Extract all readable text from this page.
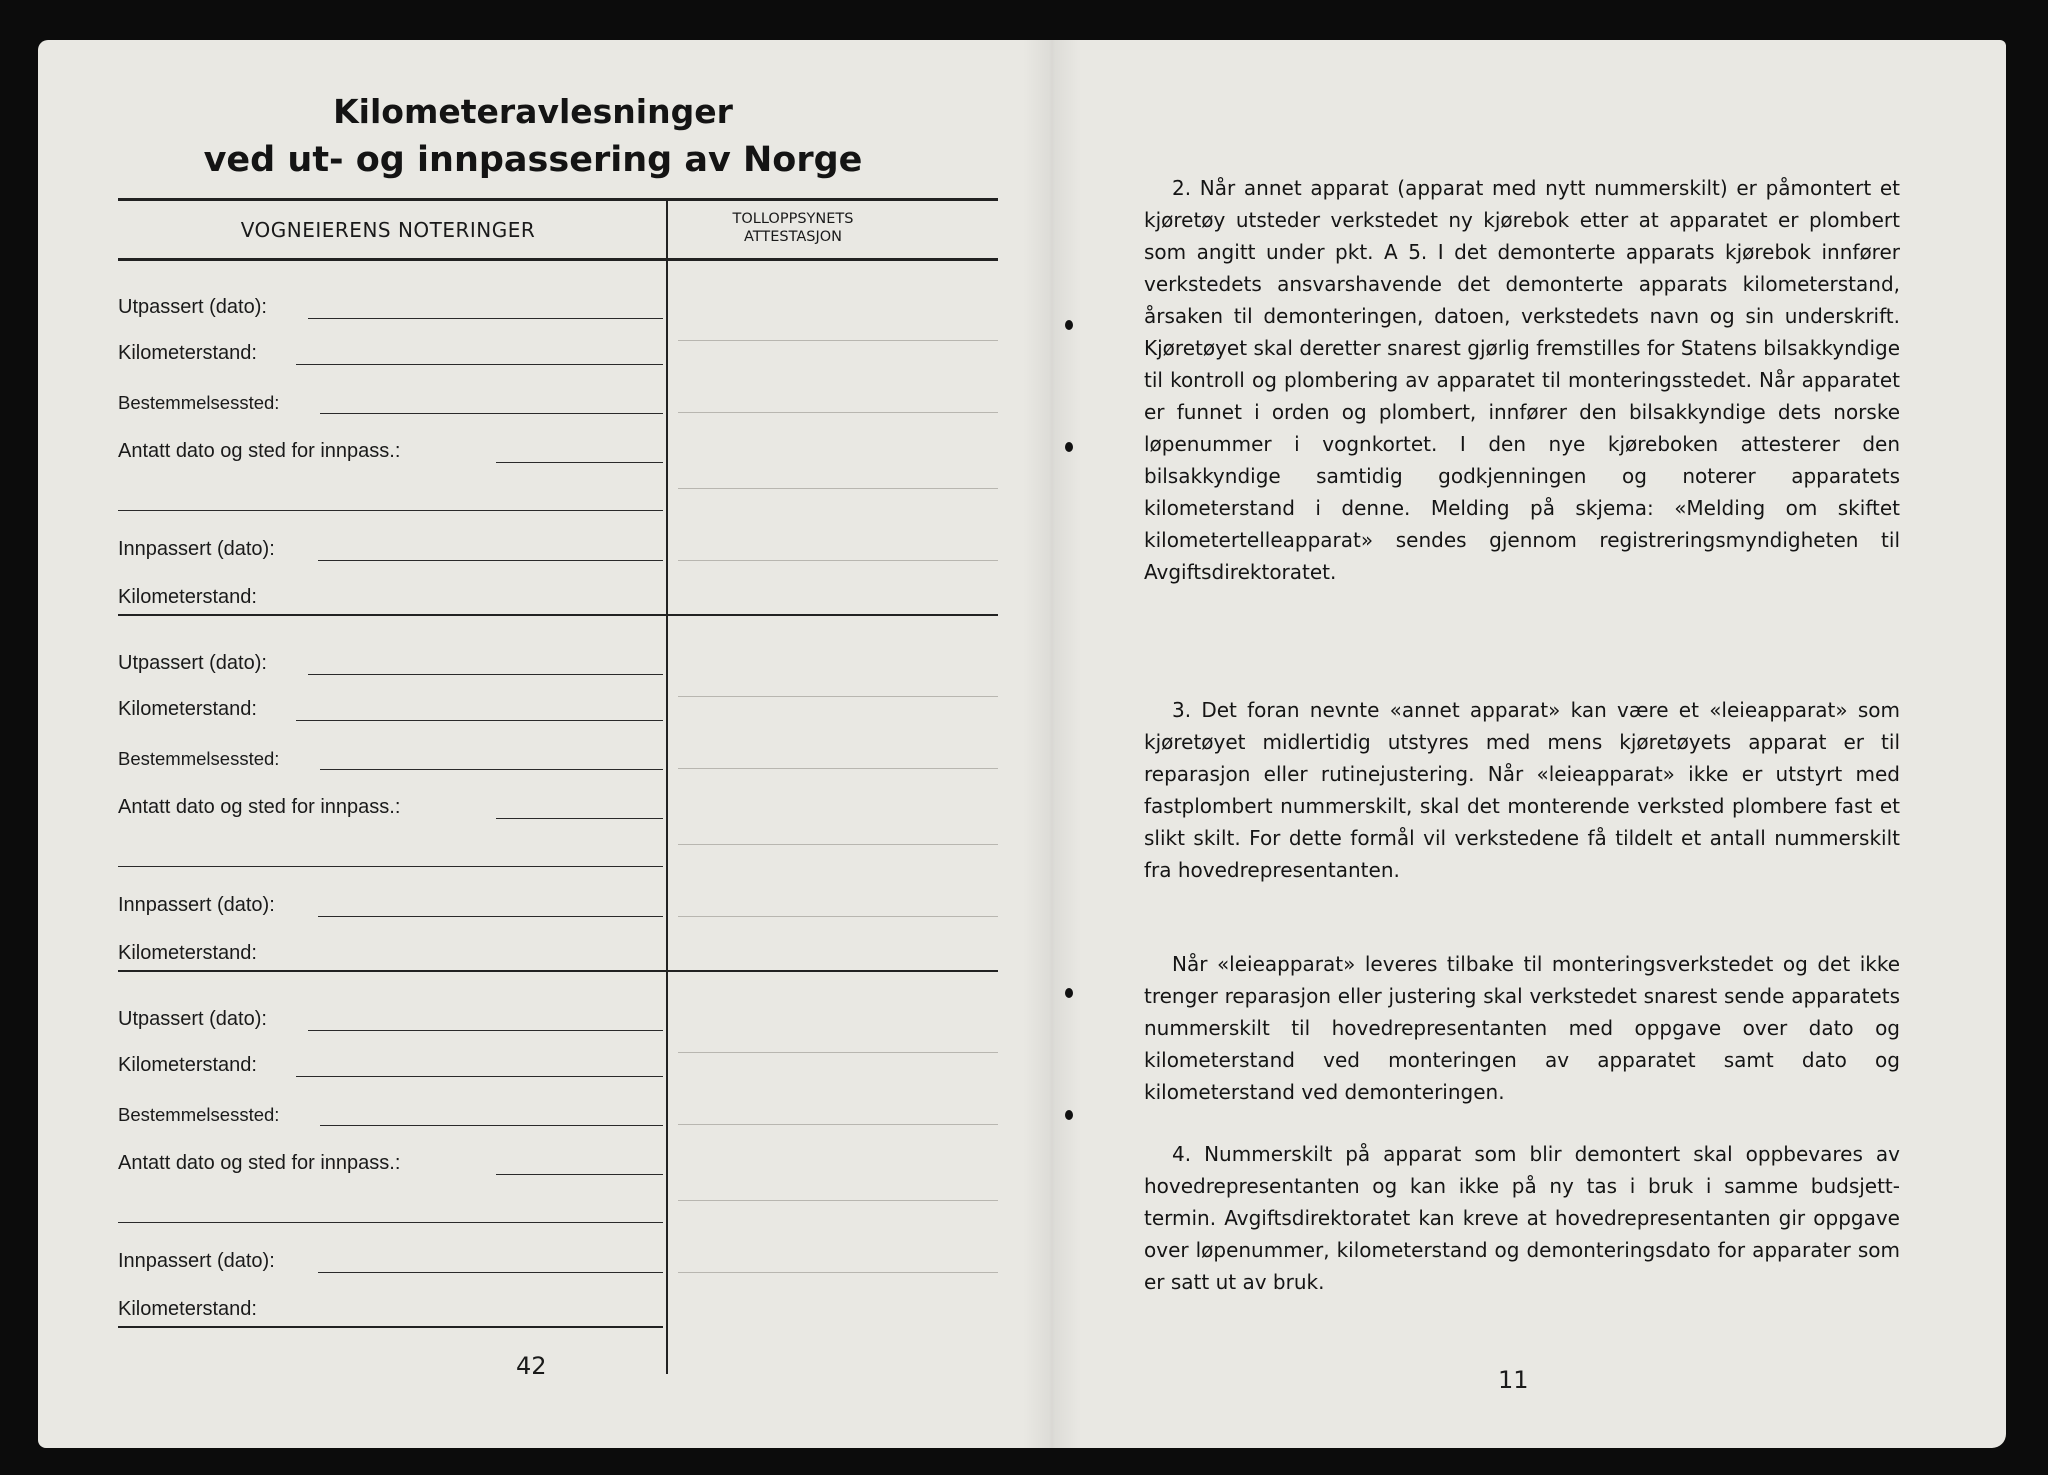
Kilometeravlesninger
ved ut- og innpassering av Norge
VOGNEIERENS NOTERINGER	TOLLOPPSYNETS
ATTESTASJON
Utpassert (dato):
Kilometerstand:
Bestemmelsessted:
Antatt dato og sted for innpass.:
Innpassert (dato):
Kilometerstand:
Utpassert (dato):
Kilometerstand:
Bestemmelsessted:
Antatt dato og sted for innpass.:
Innpassert (dato):
Kilometerstand:
Utpassert (dato):
Kilometerstand:
Bestemmelsessted:
Antatt dato og sted for innpass.:
Innpassert (dato):
Kilometerstand:
42

2. Når annet apparat (apparat med nytt nummerskilt) er påmontert et kjøretøy utsteder verkstedet ny kjørebok etter at apparatet er plombert som angitt under pkt. A 5. I det demonterte apparats kjørebok innfører verkstedets ansvarshavende det demonterte apparats kilometerstand, årsaken til demonteringen, datoen, verkstedets navn og sin underskrift. Kjøretøyet skal deretter snarest gjørlig fremstilles for Statens bilsakkyndige til kontroll og plombering av apparatet til monteringsstedet. Når apparatet er funnet i orden og plombert, innfører den bilsakkyndige dets norske løpenummer i vognkortet. I den nye kjøreboken attesterer den bilsakkyndige samtidig godkjenningen og noterer apparatets kilometerstand i denne. Melding på skjema: «Melding om skiftet kilometertelleapparat» sendes gjennom registreringsmyndigheten til Avgiftsdirektoratet.

3. Det foran nevnte «annet apparat» kan være et «leieapparat» som kjøretøyet midlertidig utstyres med mens kjøretøyets apparat er til reparasjon eller rutinejustering. Når «leieapparat» ikke er utstyrt med fastplombert nummerskilt, skal det monterende verksted plombere fast et slikt skilt. For dette formål vil verkstedene få tildelt et antall nummerskilt fra hovedrepresentanten.

Når «leieapparat» leveres tilbake til monteringsverkstedet og det ikke trenger reparasjon eller justering skal verkstedet snarest sende apparatets nummerskilt til hovedrepresentanten med oppgave over dato og kilometerstand ved monteringen av apparatet samt dato og kilometerstand ved demonteringen.

4. Nummerskilt på apparat som blir demontert skal oppbevares av hovedrepresentanten og kan ikke på ny tas i bruk i samme budsjett-termin. Avgiftsdirektoratet kan kreve at hovedrepresentanten gir oppgave over løpenummer, kilometerstand og demonteringsdato for apparater som er satt ut av bruk.

11
